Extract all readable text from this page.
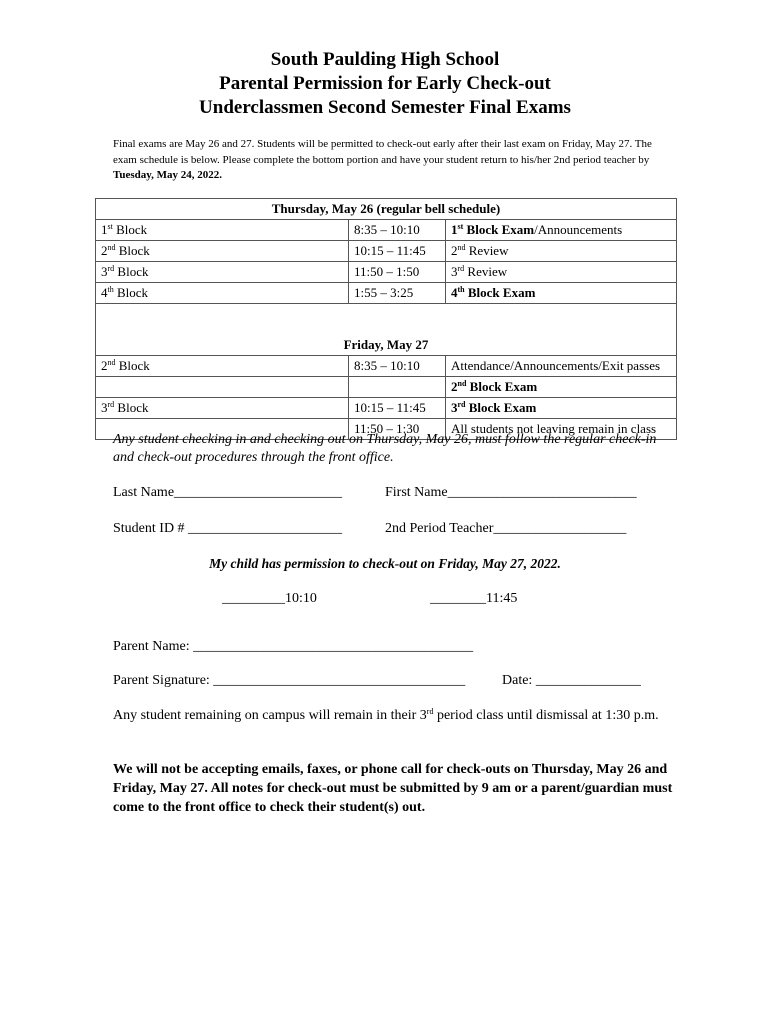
South Paulding High School
Parental Permission for Early Check-out
Underclassmen Second Semester Final Exams
Final exams are May 26 and 27. Students will be permitted to check-out early after their last exam on Friday, May 27. The exam schedule is below. Please complete the bottom portion and have your student return to his/her 2nd period teacher by Tuesday, May 24, 2022.
Thursday, May 26 (regular bell schedule)		
1st Block	8:35 – 10:10	1st Block Exam/Announcements
2nd Block	10:15 – 11:45	2nd Review
3rd Block	11:50 – 1:50	3rd Review
4th Block	1:55 – 3:25	4th Block Exam

Friday, May 27		
2nd Block	8:35 – 10:10	Attendance/Announcements/Exit passes
		2nd Block Exam
3rd Block	10:15 – 11:45	3rd Block Exam
	11:50 – 1:30	All students not leaving remain in class
Any student checking in and checking out on Thursday, May 26, must follow the regular check-in and check-out procedures through the front office.
Last Name________________________	First Name___________________________
Student ID # ______________________	2nd Period Teacher___________________
My child has permission to check-out on Friday, May 27, 2022.
_________10:10	________11:45
Parent Name: ________________________________________
Parent Signature: ____________________________________	Date: _______________
Any student remaining on campus will remain in their 3rd period class until dismissal at 1:30 p.m.
We will not be accepting emails, faxes, or phone call for check-outs on Thursday, May 26 and Friday, May 27. All notes for check-out must be submitted by 9 am or a parent/guardian must come to the front office to check their student(s) out.
